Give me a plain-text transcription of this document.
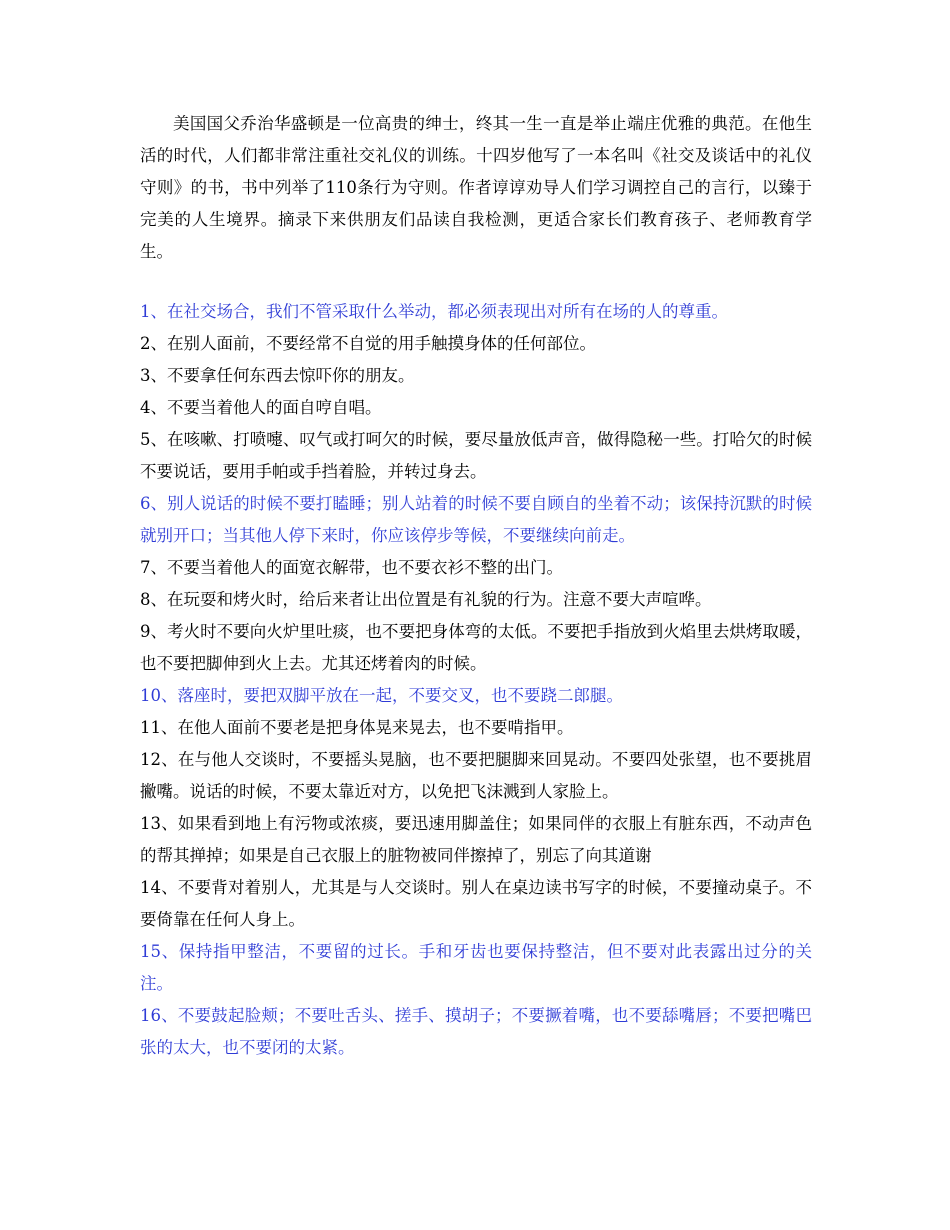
美国国父乔治华盛顿是一位高贵的绅士，终其一生一直是举止端庄优雅的典范。在他生活的时代，人们都非常注重社交礼仪的训练。十四岁他写了一本名叫《社交及谈话中的礼仪守则》的书，书中列举了110条行为守则。作者谆谆劝导人们学习调控自己的言行，以臻于完美的人生境界。摘录下来供朋友们品读自我检测，更适合家长们教育孩子、老师教育学生。

1、在社交场合，我们不管采取什么举动，都必须表现出对所有在场的人的尊重。

2、在别人面前，不要经常不自觉的用手触摸身体的任何部位。

3、不要拿任何东西去惊吓你的朋友。

4、不要当着他人的面自哼自唱。

5、在咳嗽、打喷嚏、叹气或打呵欠的时候，要尽量放低声音，做得隐秘一些。打哈欠的时候不要说话，要用手帕或手挡着脸，并转过身去。

6、别人说话的时候不要打瞌睡；别人站着的时候不要自顾自的坐着不动；该保持沉默的时候就别开口；当其他人停下来时，你应该停步等候，不要继续向前走。

7、不要当着他人的面宽衣解带，也不要衣衫不整的出门。

8、在玩耍和烤火时，给后来者让出位置是有礼貌的行为。注意不要大声喧哗。

9、考火时不要向火炉里吐痰，也不要把身体弯的太低。不要把手指放到火焰里去烘烤取暖，也不要把脚伸到火上去。尤其还烤着肉的时候。

10、落座时，要把双脚平放在一起，不要交叉，也不要跷二郎腿。

11、在他人面前不要老是把身体晃来晃去，也不要啃指甲。

12、在与他人交谈时，不要摇头晃脑，也不要把腿脚来回晃动。不要四处张望，也不要挑眉撇嘴。说话的时候，不要太靠近对方，以免把飞沫溅到人家脸上。

13、如果看到地上有污物或浓痰，要迅速用脚盖住；如果同伴的衣服上有脏东西，不动声色的帮其掸掉；如果是自己衣服上的脏物被同伴擦掉了，别忘了向其道谢

14、不要背对着别人，尤其是与人交谈时。别人在桌边读书写字的时候，不要撞动桌子。不要倚靠在任何人身上。

15、保持指甲整洁，不要留的过长。手和牙齿也要保持整洁，但不要对此表露出过分的关注。

16、不要鼓起脸颊；不要吐舌头、搓手、摸胡子；不要撅着嘴，也不要舔嘴唇；不要把嘴巴张的太大，也不要闭的太紧。
